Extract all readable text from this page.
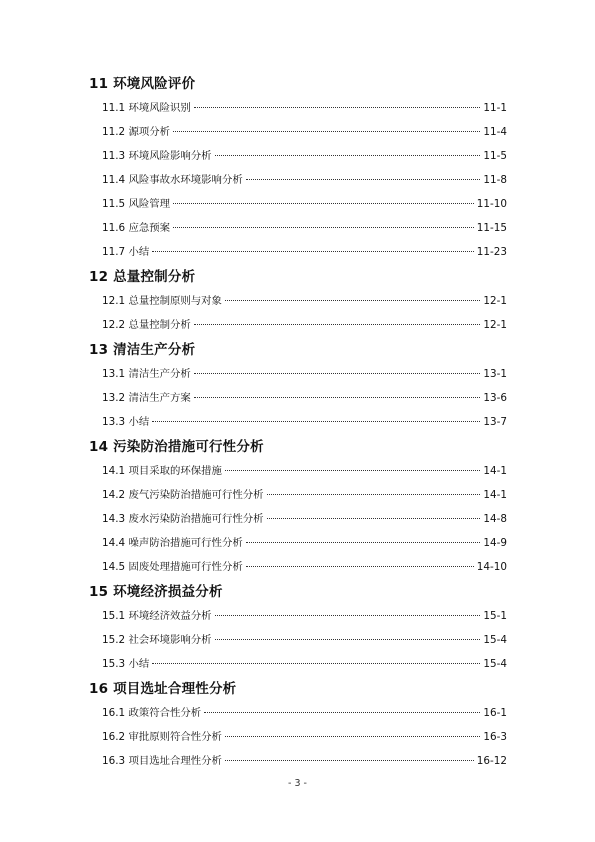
11 环境风险评价
11.1 环境风险识别	11-1
11.2 源项分析	11-4
11.3 环境风险影响分析	11-5
11.4 风险事故水环境影响分析	11-8
11.5 风险管理	11-10
11.6 应急预案	11-15
11.7 小结	11-23
12 总量控制分析
12.1 总量控制原则与对象	12-1
12.2 总量控制分析	12-1
13 清洁生产分析
13.1 清洁生产分析	13-1
13.2 清洁生产方案	13-6
13.3 小结	13-7
14 污染防治措施可行性分析
14.1 项目采取的环保措施	14-1
14.2 废气污染防治措施可行性分析	14-1
14.3 废水污染防治措施可行性分析	14-8
14.4 噪声防治措施可行性分析	14-9
14.5 固废处理措施可行性分析	14-10
15 环境经济损益分析
15.1 环境经济效益分析	15-1
15.2 社会环境影响分析	15-4
15.3 小结	15-4
16 项目选址合理性分析
16.1 政策符合性分析	16-1
16.2 审批原则符合性分析	16-3
16.3 项目选址合理性分析	16-12
- 3 -
